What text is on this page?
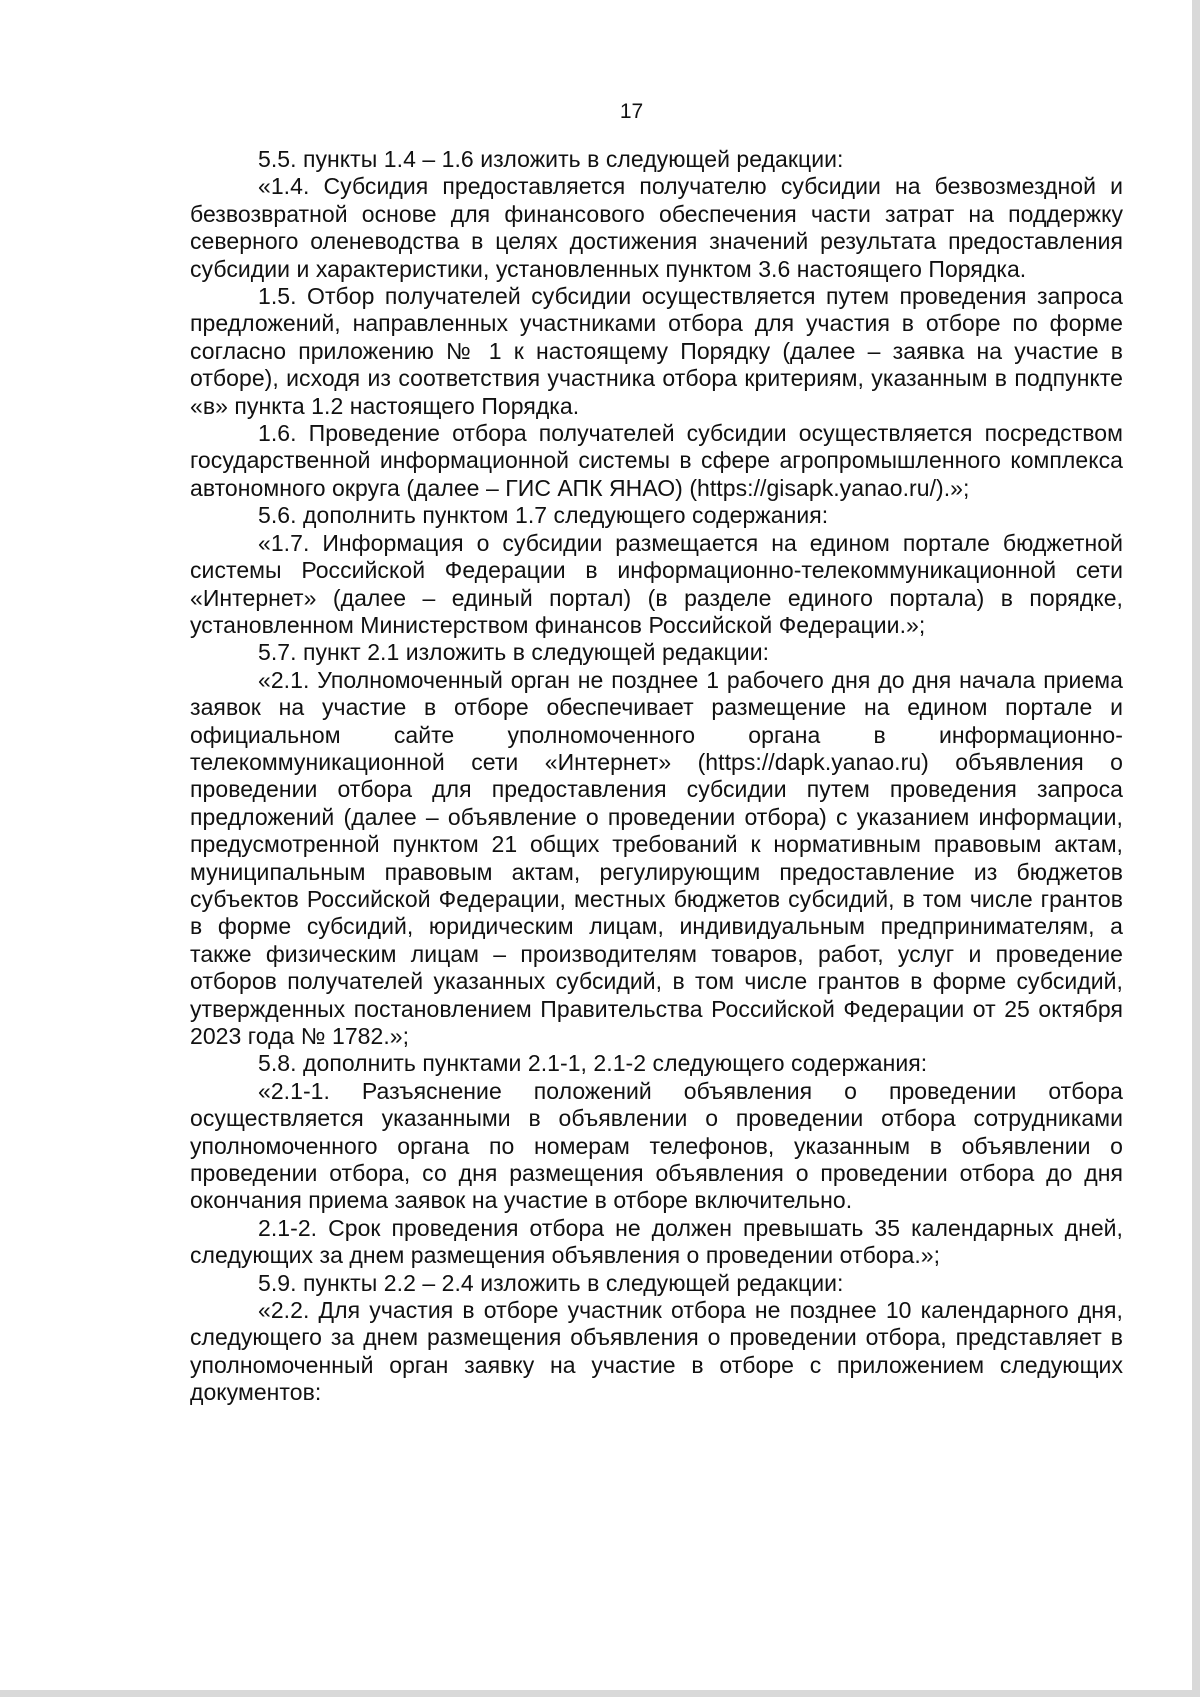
17

5.5. пункты 1.4 – 1.6 изложить в следующей редакции:

«1.4. Субсидия предоставляется получателю субсидии на безвозмездной и безвозвратной основе для финансового обеспечения части затрат на поддержку северного оленеводства в целях достижения значений результата предоставления субсидии и характеристики, установленных пунктом 3.6 настоящего Порядка.

1.5. Отбор получателей субсидии осуществляется путем проведения запроса предложений, направленных участниками отбора для участия в отборе по форме согласно приложению № 1 к настоящему Порядку (далее – заявка на участие в отборе), исходя из соответствия участника отбора критериям, указанным в подпункте «в» пункта 1.2 настоящего Порядка.

1.6. Проведение отбора получателей субсидии осуществляется посредством государственной информационной системы в сфере агропромышленного комплекса автономного округа (далее – ГИС АПК ЯНАО) (https://gisapk.yanao.ru/).»;

5.6. дополнить пунктом 1.7 следующего содержания:

«1.7. Информация о субсидии размещается на едином портале бюджетной системы Российской Федерации в информационно-телекоммуникационной сети «Интернет» (далее – единый портал) (в разделе единого портала) в порядке, установленном Министерством финансов Российской Федерации.»;

5.7. пункт 2.1 изложить в следующей редакции:

«2.1. Уполномоченный орган не позднее 1 рабочего дня до дня начала приема заявок на участие в отборе обеспечивает размещение на едином портале и официальном сайте уполномоченного органа в информационно-телекоммуникационной сети «Интернет» (https://dapk.yanao.ru) объявления о проведении отбора для предоставления субсидии путем проведения запроса предложений (далее – объявление о проведении отбора) с указанием информации, предусмотренной пунктом 21 общих требований к нормативным правовым актам, муниципальным правовым актам, регулирующим предоставление из бюджетов субъектов Российской Федерации, местных бюджетов субсидий, в том числе грантов в форме субсидий, юридическим лицам, индивидуальным предпринимателям, а также физическим лицам – производителям товаров, работ, услуг и проведение отборов получателей указанных субсидий, в том числе грантов в форме субсидий, утвержденных постановлением Правительства Российской Федерации от 25 октября 2023 года № 1782.»;

5.8. дополнить пунктами 2.1-1, 2.1-2 следующего содержания:

«2.1-1. Разъяснение положений объявления о проведении отбора осуществляется указанными в объявлении о проведении отбора сотрудниками уполномоченного органа по номерам телефонов, указанным в объявлении о проведении отбора, со дня размещения объявления о проведении отбора до дня окончания приема заявок на участие в отборе включительно.

2.1-2. Срок проведения отбора не должен превышать 35 календарных дней, следующих за днем размещения объявления о проведении отбора.»;

5.9. пункты 2.2 – 2.4 изложить в следующей редакции:

«2.2. Для участия в отборе участник отбора не позднее 10 календарного дня, следующего за днем размещения объявления о проведении отбора, представляет в уполномоченный орган заявку на участие в отборе с приложением следующих документов:
